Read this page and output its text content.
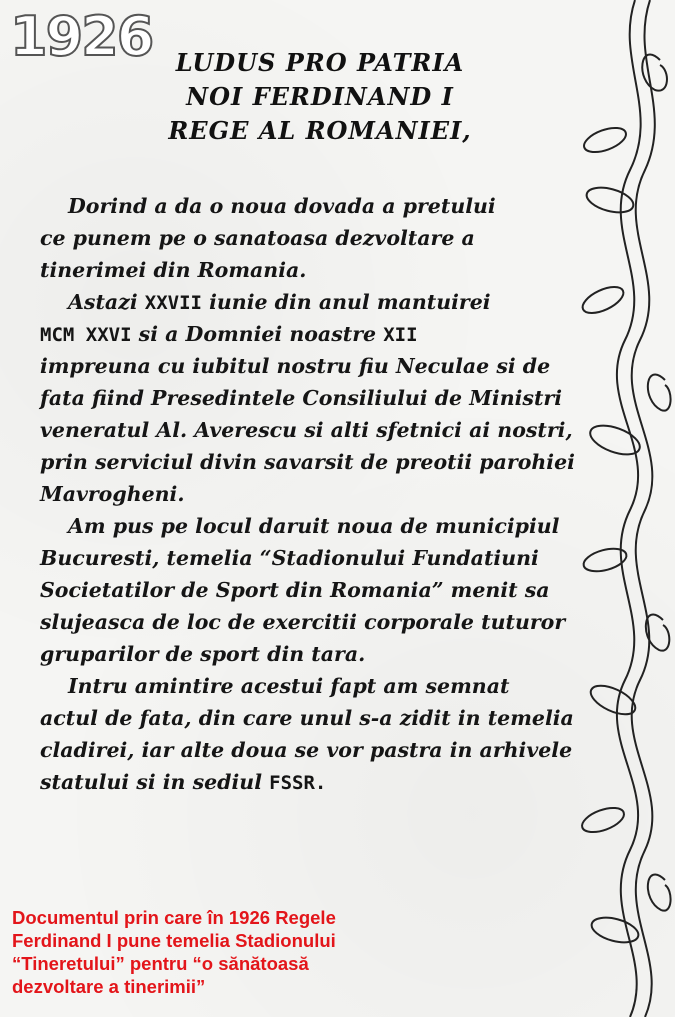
1926 LUDUS PRO PATRIA
NOI FERDINAND I
REGE AL ROMANIEI,
Dorind a da o noua dovada a pretului
ce punem pe o sanatoasa dezvoltare a
tinerimei din Romania.
Astazi XXVII iunie din anul mantuirei
MCM XXVI si a Domniei noastre XII
impreuna cu iubitul nostru fiu Neculae si de
fata fiind Presedintele Consiliului de Ministri
veneratul Al. Averescu si alti sfetnici ai nostri,
prin serviciul divin savarsit de preotii parohiei
Mavrogheni.
Am pus pe locul daruit noua de municipiul
Bucuresti, temelia “Stadionului Fundatiuni
Societatilor de Sport din Romania” menit sa
slujeasca de loc de exercitii corporale tuturor
gruparilor de sport din tara.
Intru amintire acestui fapt am semnat
actul de fata, din care unul s-a zidit in temelia
cladirei, iar alte doua se vor pastra in arhivele
statului si in sediul FSSR.
Documentul prin care în 1926 Regele
Ferdinand I pune temelia Stadionului
“Tineretului” pentru “o sănătoasă
dezvoltare a tinerimii”
